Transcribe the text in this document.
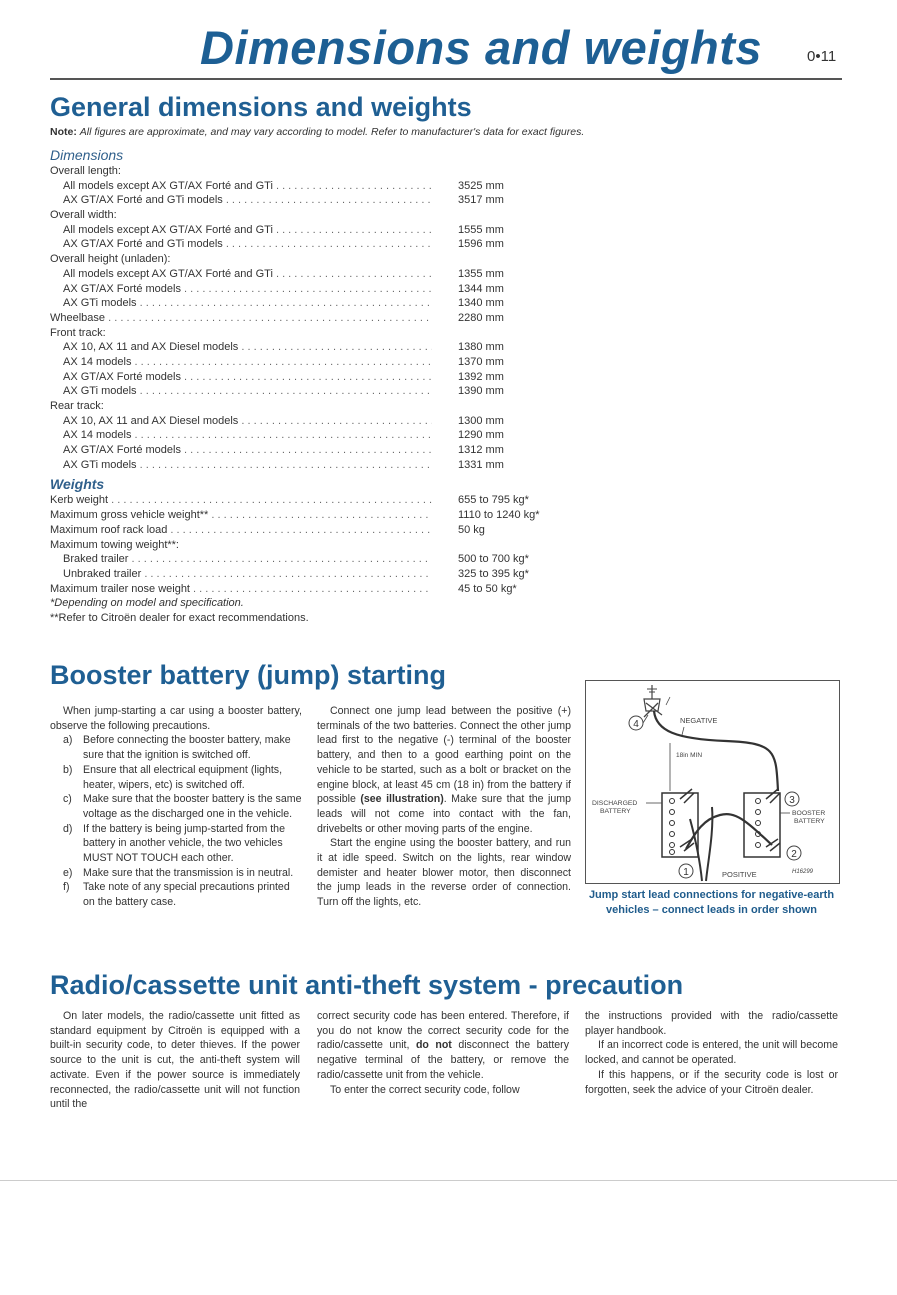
Dimensions and weights	0•11
General dimensions and weights
Note: All figures are approximate, and may vary according to model. Refer to manufacturer's data for exact figures.
Dimensions
Overall length:
All models except AX GT/AX Forté and GTi . . .	3525 mm
AX GT/AX Forté and GTi models . . .	3517 mm
Overall width:
All models except AX GT/AX Forté and GTi . . .	1555 mm
AX GT/AX Forté and GTi models . . .	1596 mm
Overall height (unladen):
All models except AX GT/AX Forté and GTi . . .	1355 mm
AX GT/AX Forté models . . .	1344 mm
AX GTi models . . .	1340 mm
Wheelbase . . .	2280 mm
Front track:
AX 10, AX 11 and AX Diesel models . . .	1380 mm
AX 14 models . . .	1370 mm
AX GT/AX Forté models . . .	1392 mm
AX GTi models . . .	1390 mm
Rear track:
AX 10, AX 11 and AX Diesel models . . .	1300 mm
AX 14 models . . .	1290 mm
AX GT/AX Forté models . . .	1312 mm
AX GTi models . . .	1331 mm
Weights
Kerb weight . . .	655 to 795 kg*
Maximum gross vehicle weight** . . .	1110 to 1240 kg*
Maximum roof rack load . . .	50 kg
Maximum towing weight**:
Braked trailer . . .	500 to 700 kg*
Unbraked trailer . . .	325 to 395 kg*
Maximum trailer nose weight . . .	45 to 50 kg*
*Depending on model and specification.
**Refer to Citroën dealer for exact recommendations.
Booster battery (jump) starting

When jump-starting a car using a booster battery, observe the following precautions.

a) Before connecting the booster battery, make sure that the ignition is switched off.
b) Ensure that all electrical equipment (lights, heater, wipers, etc) is switched off.
c) Make sure that the booster battery is the same voltage as the discharged one in the vehicle.
d) If the battery is being jump-started from the battery in another vehicle, the two vehicles MUST NOT TOUCH each other.
e) Make sure that the transmission is in neutral.
f) Take note of any special precautions printed on the battery case.

Connect one jump lead between the positive (+) terminals of the two batteries. Connect the other jump lead first to the negative (-) terminal of the booster battery, and then to a good earthing point on the vehicle to be started, such as a bolt or bracket on the engine block, at least 45 cm (18 in) from the battery if possible (see illustration). Make sure that the jump leads will not come into contact with the fan, drivebelts or other moving parts of the engine.

Start the engine using the booster battery, and run it at idle speed. Switch on the lights, rear window demister and heater blower motor, then disconnect the jump leads in the reverse order of connection. Turn off the lights, etc.

4	NEGATIVE
18in MIN
DISCHARGED
BATTERY	BOOSTER
BATTERY
3
2
1	POSITIVE	H16299
Jump start lead connections for negative-earth vehicles – connect leads in order shown
Radio/cassette unit anti-theft system - precaution

On later models, the radio/cassette unit fitted as standard equipment by Citroën is equipped with a built-in security code, to deter thieves. If the power source to the unit is cut, the anti-theft system will activate. Even if the power source is immediately reconnected, the radio/cassette unit will not function until the

correct security code has been entered. Therefore, if you do not know the correct security code for the radio/cassette unit, do not disconnect the battery negative terminal of the battery, or remove the radio/cassette unit from the vehicle.

To enter the correct security code, follow

the instructions provided with the radio/cassette player handbook.

If an incorrect code is entered, the unit will become locked, and cannot be operated.

If this happens, or if the security code is lost or forgotten, seek the advice of your Citroën dealer.
